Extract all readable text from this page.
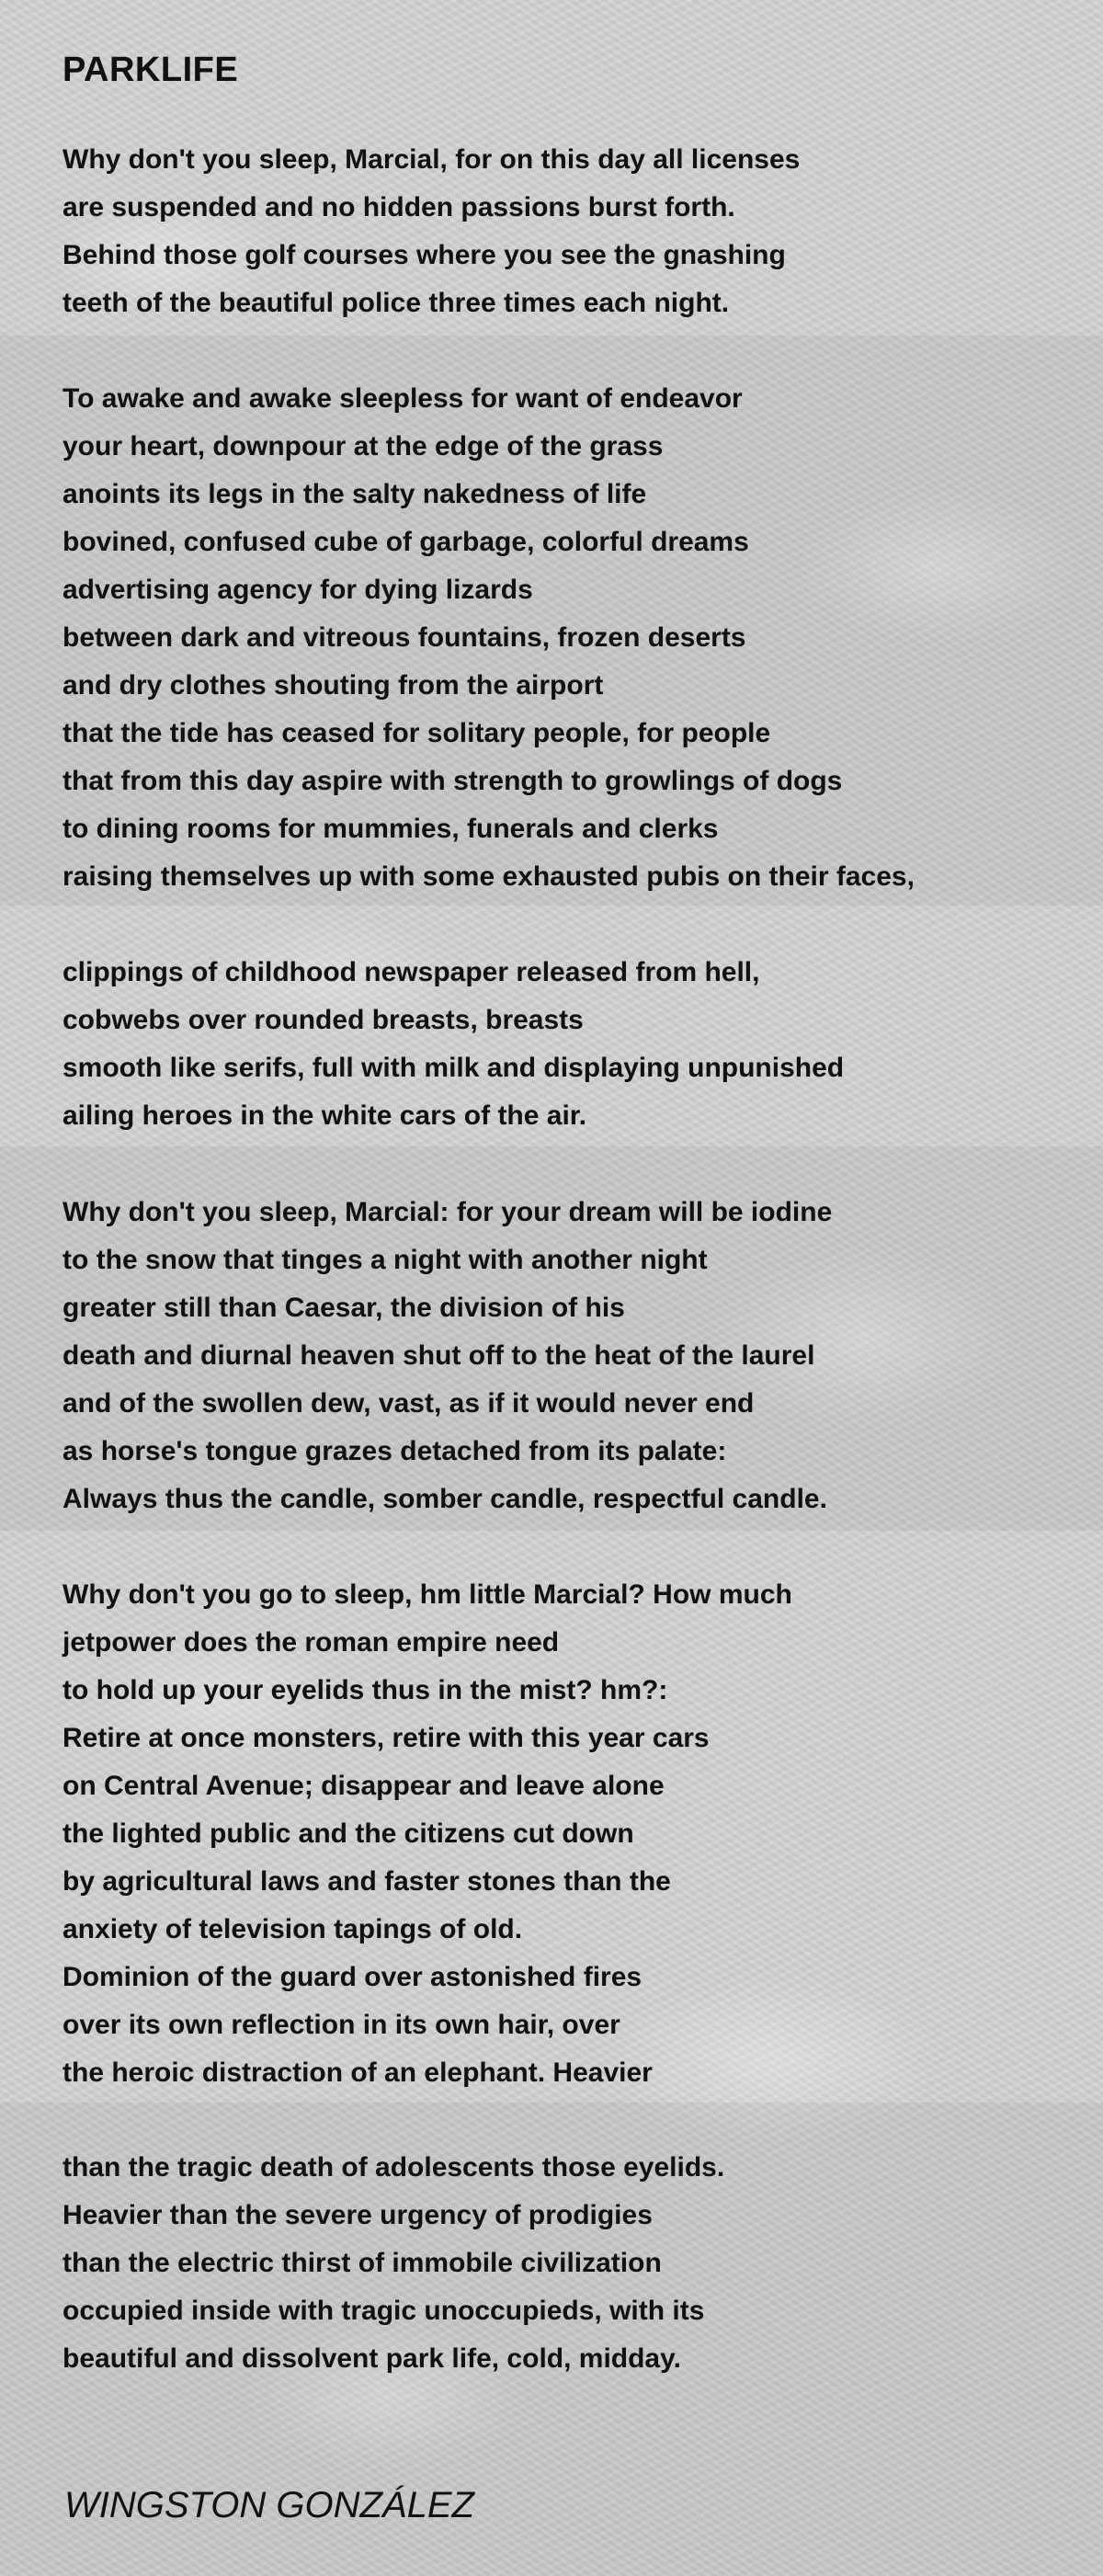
PARKLIFE
Why don't you sleep, Marcial, for on this day all licenses
are suspended and no hidden passions burst forth.
Behind those golf courses where you see the gnashing
teeth of the beautiful police three times each night.
To awake and awake sleepless for want of endeavor
your heart, downpour at the edge of the grass
anoints its legs in the salty nakedness of life
bovined, confused cube of garbage, colorful dreams
advertising agency for dying lizards
between dark and vitreous fountains, frozen deserts
and dry clothes shouting from the airport
that the tide has ceased for solitary people, for people
that from this day aspire with strength to growlings of dogs
to dining rooms for mummies, funerals and clerks
raising themselves up with some exhausted pubis on their faces,
clippings of childhood newspaper released from hell,
cobwebs over rounded breasts, breasts
smooth like serifs, full with milk and displaying unpunished
ailing heroes in the white cars of the air.
Why don't you sleep, Marcial: for your dream will be iodine
to the snow that tinges a night with another night
greater still than Caesar, the division of his
death and diurnal heaven shut off to the heat of the laurel
and of the swollen dew, vast, as if it would never end
as horse's tongue grazes detached from its palate:
Always thus the candle, somber candle, respectful candle.
Why don't you go to sleep, hm little Marcial? How much
jetpower does the roman empire need
to hold up your eyelids thus in the mist? hm?:
Retire at once monsters, retire with this year cars
on Central Avenue; disappear and leave alone
the lighted public and the citizens cut down
by agricultural laws and faster stones than the
anxiety of television tapings of old.
Dominion of the guard over astonished fires
over its own reflection in its own hair, over
the heroic distraction of an elephant. Heavier
than the tragic death of adolescents those eyelids.
Heavier than the severe urgency of prodigies
than the electric thirst of immobile civilization
occupied inside with tragic unoccupieds, with its
beautiful and dissolvent park life, cold, midday.

WINGSTON GONZÁLEZ
